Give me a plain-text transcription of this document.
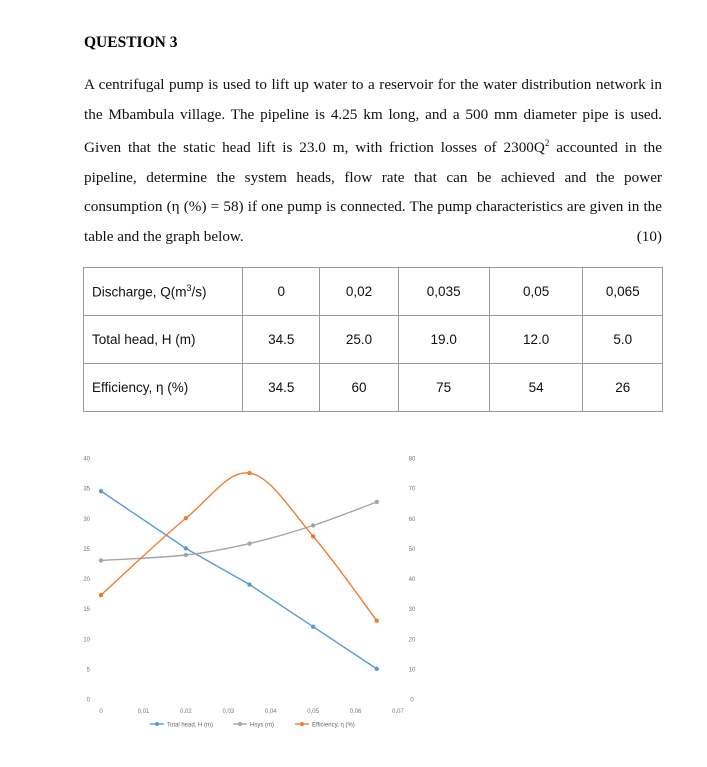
QUESTION 3
A centrifugal pump is used to lift up water to a reservoir for the water distribution network in the Mbambula village. The pipeline is 4.25 km long, and a 500 mm diameter pipe is used. Given that the static head lift is 23.0 m, with friction losses of $2300Q^2$ accounted in the pipeline, determine the system heads, flow rate that can be achieved and the power consumption (η (%) = 58) if one pump is connected. The pump characteristics are given in the table and the graph below.	(10)
Discharge, $Q(m^3/s)$	0	0,02	0,035	0,05	0,065
Total head, H (m)	34.5	25.0	19.0	12.0	5.0
Efficiency, η (%)	34.5	60	75	54	26
0
5
10
15
20
25
30
35
40
0
10
20
30
40
50
60
70
80
0	0,01	0,02	0,03	0,04	0,05	0,06	0,07
Total head, H (m)	Hsys (m)	Efficiency, η (%)
